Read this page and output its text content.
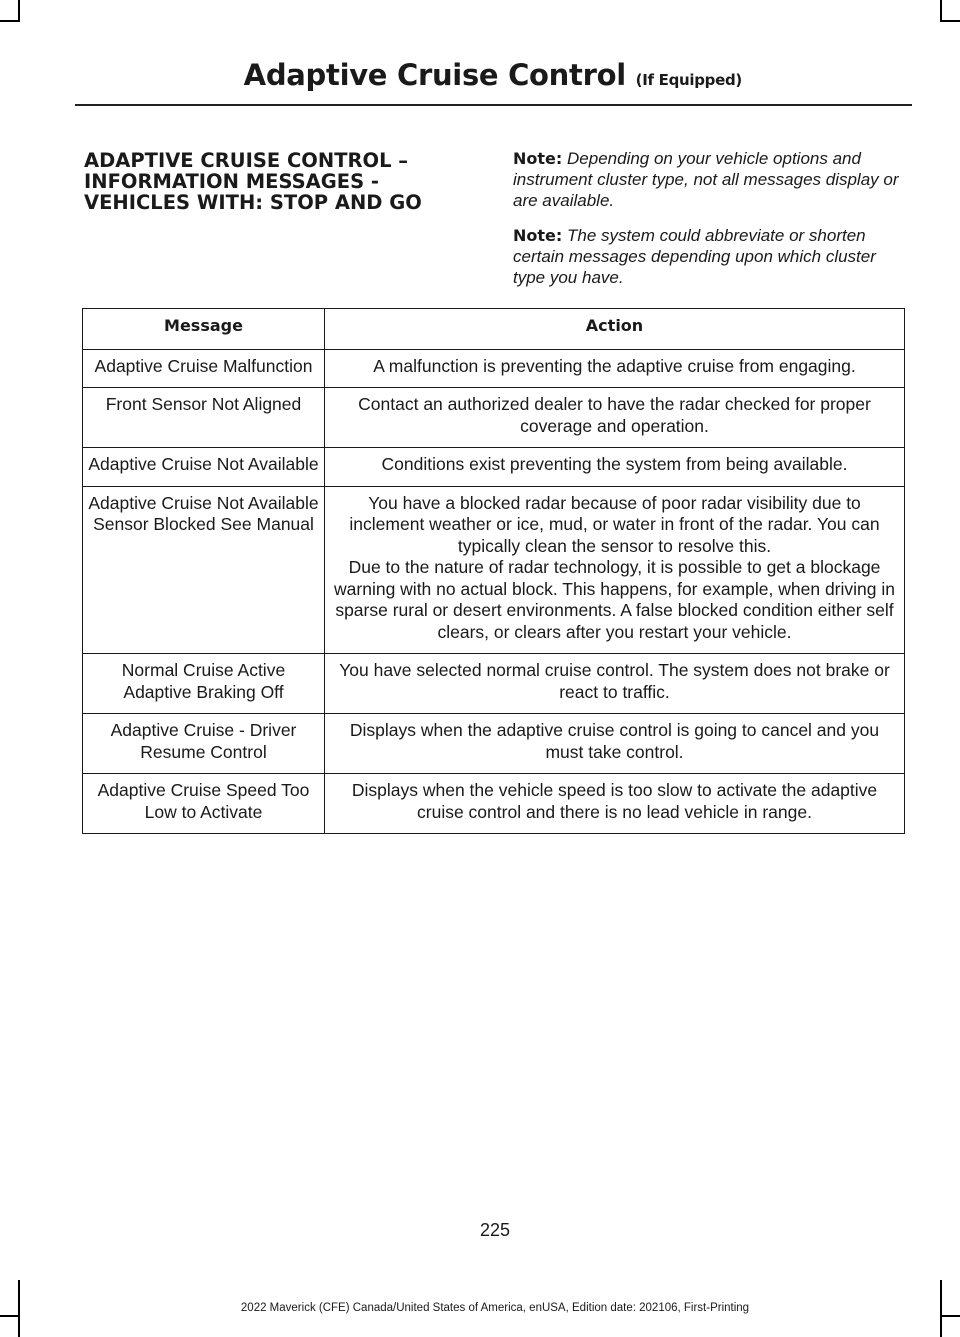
Adaptive Cruise Control (If Equipped)
ADAPTIVE CRUISE CONTROL – INFORMATION MESSAGES - VEHICLES WITH: STOP AND GO
Note: Depending on your vehicle options and instrument cluster type, not all messages display or are available.
Note: The system could abbreviate or shorten certain messages depending upon which cluster type you have.
Message	Action
Adaptive Cruise Malfunction	A malfunction is preventing the adaptive cruise from engaging.

Front Sensor Not Aligned	Contact an authorized dealer to have the radar checked for proper coverage and operation.

Adaptive Cruise Not Available	Conditions exist preventing the system from being available.

Adaptive Cruise Not Available Sensor Blocked See Manual	You have a blocked radar because of poor radar visibility due to inclement weather or ice, mud, or water in front of the radar. You can typically clean the sensor to resolve this.
Due to the nature of radar technology, it is possible to get a blockage warning with no actual block. This happens, for example, when driving in sparse rural or desert environments. A false blocked condition either self clears, or clears after you restart your vehicle.

Normal Cruise Active Adaptive Braking Off	You have selected normal cruise control. The system does not brake or react to traffic.

Adaptive Cruise - Driver Resume Control	Displays when the adaptive cruise control is going to cancel and you must take control.

Adaptive Cruise Speed Too Low to Activate	Displays when the vehicle speed is too slow to activate the adaptive cruise control and there is no lead vehicle in range.
225
2022 Maverick (CFE) Canada/United States of America, enUSA, Edition date: 202106, First-Printing
